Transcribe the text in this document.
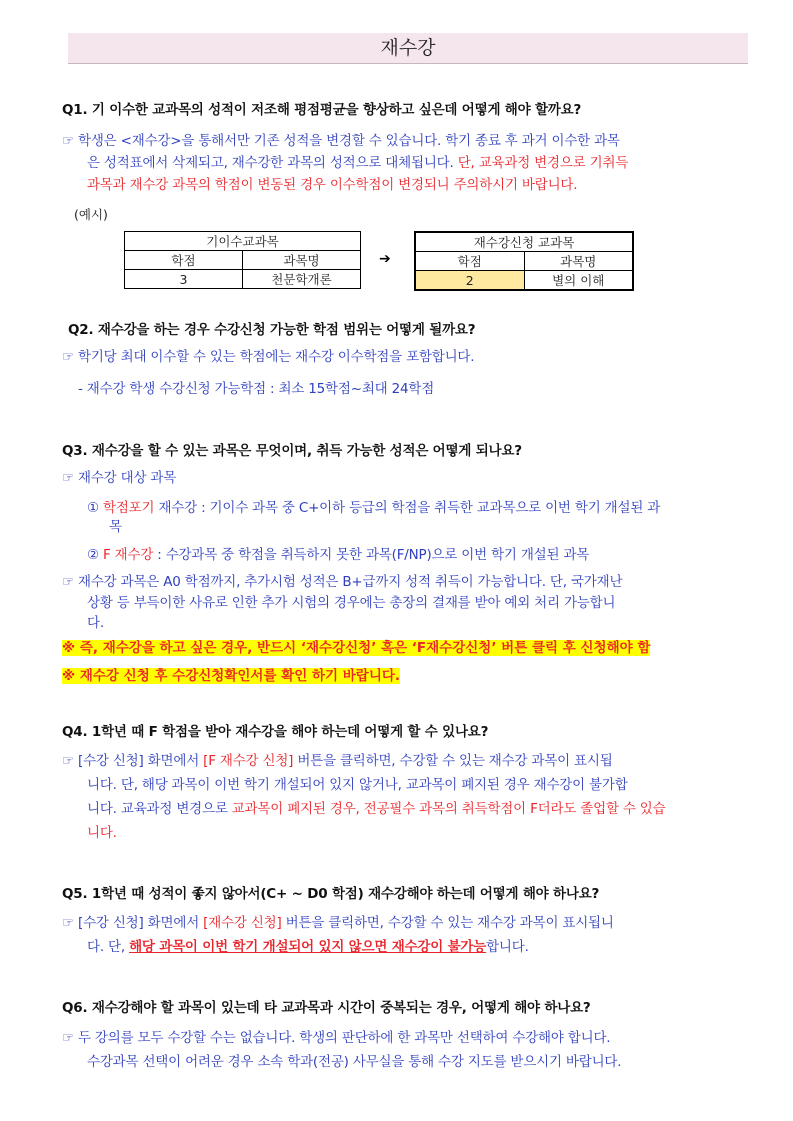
재수강
Q1. 기 이수한 교과목의 성적이 저조해 평점평균을 향상하고 싶은데 어떻게 해야 할까요?
☞ 학생은 <재수강>을 통해서만 기존 성적을 변경할 수 있습니다. 학기 종료 후 과거 이수한 과목
은 성적표에서 삭제되고, 재수강한 과목의 성적으로 대체됩니다. 단, 교육과정 변경으로 기취득
과목과 재수강 과목의 학점이 변동된 경우 이수학점이 변경되니 주의하시기 바랍니다.
(예시)
기이수교과목	
학점	과목명
3	천문학개론
➔
재수강신청 교과목	
학점	과목명
2	별의 이해
Q2. 재수강을 하는 경우 수강신청 가능한 학점 범위는 어떻게 될까요?
☞ 학기당 최대 이수할 수 있는 학점에는 재수강 이수학점을 포함합니다.
- 재수강 학생 수강신청 가능학점 : 최소 15학점~최대 24학점
Q3. 재수강을 할 수 있는 과목은 무엇이며, 취득 가능한 성적은 어떻게 되나요?
☞ 재수강 대상 과목
① 학점포기 재수강 : 기이수 과목 중 C+이하 등급의 학점을 취득한 교과목으로 이번 학기 개설된 과
목
② F 재수강 : 수강과목 중 학점을 취득하지 못한 과목(F/NP)으로 이번 학기 개설된 과목
☞ 재수강 과목은 A0 학점까지, 추가시험 성적은 B+급까지 성적 취득이 가능합니다. 단, 국가재난
상황 등 부득이한 사유로 인한 추가 시험의 경우에는 총장의 결재를 받아 예외 처리 가능합니
다.
※ 즉, 재수강을 하고 싶은 경우, 반드시 ‘재수강신청’ 혹은 ‘F재수강신청’ 버튼 클릭 후 신청해야 함
※ 재수강 신청 후 수강신청확인서를 확인 하기 바랍니다.
Q4. 1학년 때 F 학점을 받아 재수강을 해야 하는데 어떻게 할 수 있나요?
☞ [수강 신청] 화면에서 [F 재수강 신청] 버튼을 클릭하면, 수강할 수 있는 재수강 과목이 표시됩
니다. 단, 해당 과목이 이번 학기 개설되어 있지 않거나, 교과목이 폐지된 경우 재수강이 불가합
니다. 교육과정 변경으로 교과목이 폐지된 경우, 전공필수 과목의 취득학점이 F더라도 졸업할 수 있습
니다.
Q5. 1학년 때 성적이 좋지 않아서(C+ ~ D0 학점) 재수강해야 하는데 어떻게 해야 하나요?
☞ [수강 신청] 화면에서 [재수강 신청] 버튼을 클릭하면, 수강할 수 있는 재수강 과목이 표시됩니
다. 단, 해당 과목이 이번 학기 개설되어 있지 않으면 재수강이 불가능합니다.
Q6. 재수강해야 할 과목이 있는데 타 교과목과 시간이 중복되는 경우, 어떻게 해야 하나요?
☞ 두 강의를 모두 수강할 수는 없습니다. 학생의 판단하에 한 과목만 선택하여 수강해야 합니다.
수강과목 선택이 어려운 경우 소속 학과(전공) 사무실을 통해 수강 지도를 받으시기 바랍니다.
